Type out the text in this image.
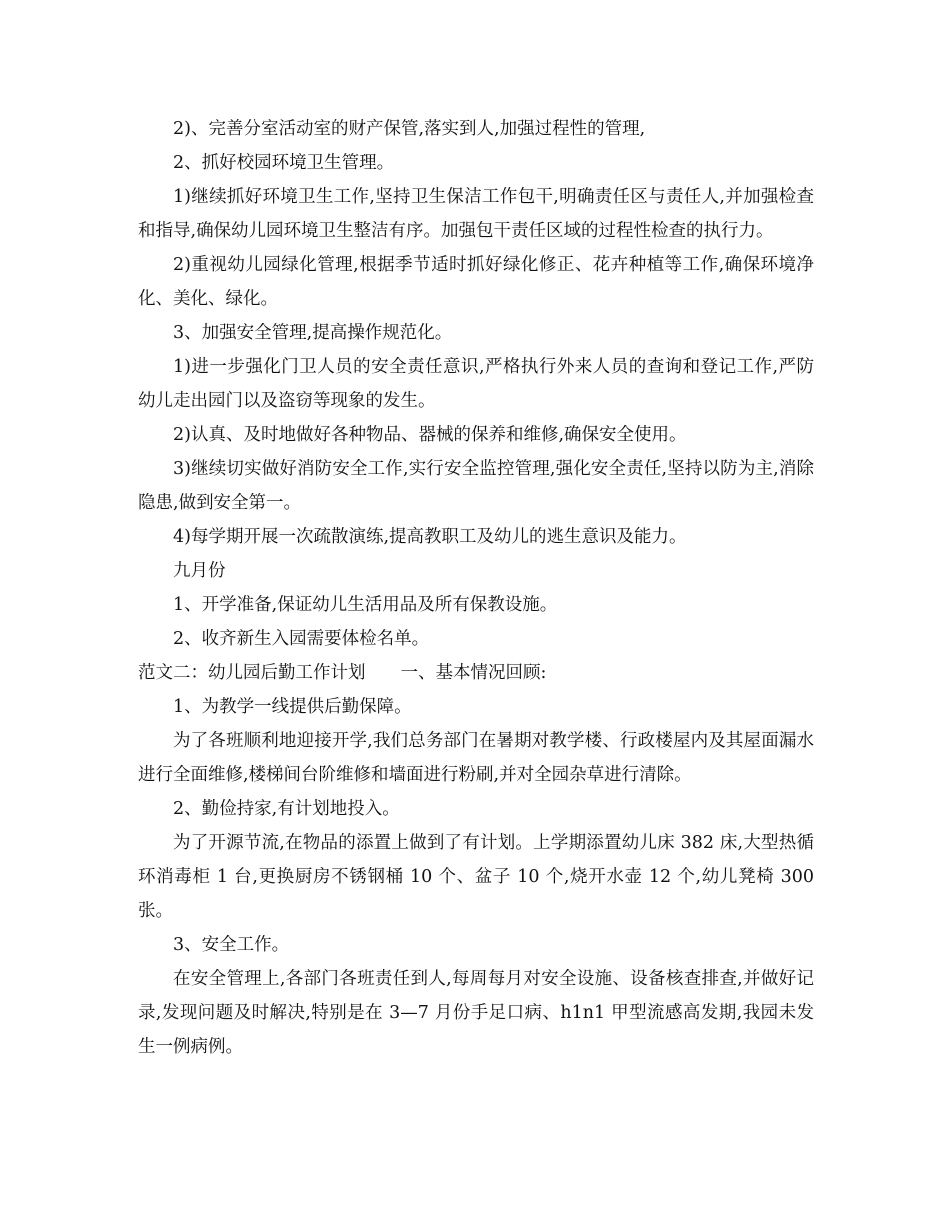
2)、完善分室活动室的财产保管,落实到人,加强过程性的管理,

2、抓好校园环境卫生管理。

1)继续抓好环境卫生工作,坚持卫生保洁工作包干,明确责任区与责任人,并加强检查和指导,确保幼儿园环境卫生整洁有序。加强包干责任区域的过程性检查的执行力。

2)重视幼儿园绿化管理,根据季节适时抓好绿化修正、花卉种植等工作,确保环境净化、美化、绿化。

3、加强安全管理,提高操作规范化。

1)进一步强化门卫人员的安全责任意识,严格执行外来人员的查询和登记工作,严防幼儿走出园门以及盗窃等现象的发生。

2)认真、及时地做好各种物品、器械的保养和维修,确保安全使用。

3)继续切实做好消防安全工作,实行安全监控管理,强化安全责任,坚持以防为主,消除隐患,做到安全第一。

4)每学期开展一次疏散演练,提高教职工及幼儿的逃生意识及能力。

九月份

1、开学准备,保证幼儿生活用品及所有保教设施。

2、收齐新生入园需要体检名单。

范文二：幼儿园后勤工作计划　　一、基本情况回顾:

1、为教学一线提供后勤保障。

为了各班顺利地迎接开学,我们总务部门在暑期对教学楼、行政楼屋内及其屋面漏水进行全面维修,楼梯间台阶维修和墙面进行粉刷,并对全园杂草进行清除。

2、勤俭持家,有计划地投入。

为了开源节流,在物品的添置上做到了有计划。上学期添置幼儿床 382 床,大型热循环消毒柜 1 台,更换厨房不锈钢桶 10 个、盆子 10 个,烧开水壶 12 个,幼儿凳椅 300 张。

3、安全工作。

在安全管理上,各部门各班责任到人,每周每月对安全设施、设备核查排查,并做好记录,发现问题及时解决,特别是在 3—7 月份手足口病、h1n1 甲型流感高发期,我园未发生一例病例。
